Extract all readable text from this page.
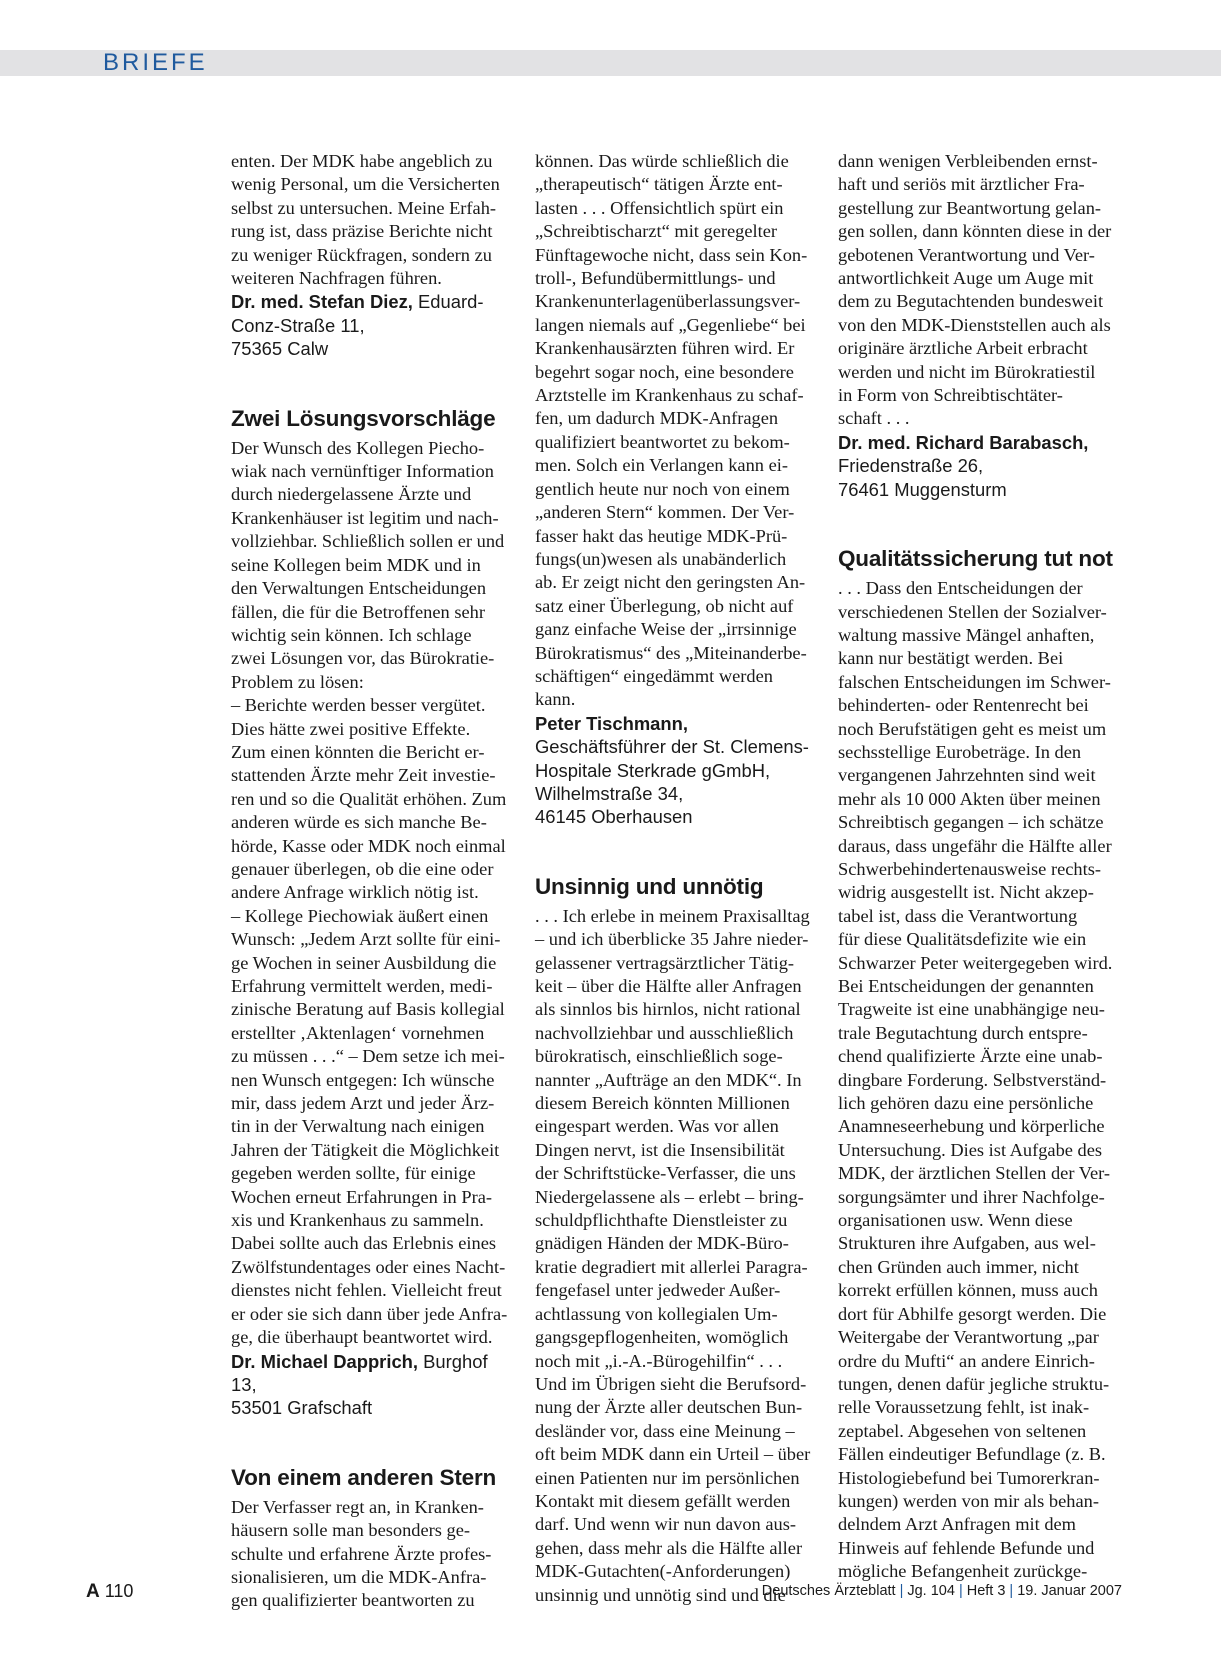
BRIEFE

enten. Der MDK habe angeblich zu
wenig Personal, um die Versicherten
selbst zu untersuchen. Meine Erfah-
rung ist, dass präzise Berichte nicht
zu weniger Rückfragen, sondern zu
weiteren Nachfragen führen.

Dr. med. Stefan Diez, Eduard-Conz-Straße 11,
75365 Calw

Zwei Lösungsvorschläge

Der Wunsch des Kollegen Piecho-
wiak nach vernünftiger Information
durch niedergelassene Ärzte und
Krankenhäuser ist legitim und nach-
vollziehbar. Schließlich sollen er und
seine Kollegen beim MDK und in
den Verwaltungen Entscheidungen
fällen, die für die Betroffenen sehr
wichtig sein können. Ich schlage
zwei Lösungen vor, das Bürokratie-
Problem zu lösen:
– Berichte werden besser vergütet.
Dies hätte zwei positive Effekte.
Zum einen könnten die Bericht er-
stattenden Ärzte mehr Zeit investie-
ren und so die Qualität erhöhen. Zum
anderen würde es sich manche Be-
hörde, Kasse oder MDK noch einmal
genauer überlegen, ob die eine oder
andere Anfrage wirklich nötig ist.
– Kollege Piechowiak äußert einen
Wunsch: „Jedem Arzt sollte für eini-
ge Wochen in seiner Ausbildung die
Erfahrung vermittelt werden, medi-
zinische Beratung auf Basis kollegial
erstellter ‚Aktenlagen‘ vornehmen
zu müssen . . .“ – Dem setze ich mei-
nen Wunsch entgegen: Ich wünsche
mir, dass jedem Arzt und jeder Ärz-
tin in der Verwaltung nach einigen
Jahren der Tätigkeit die Möglichkeit
gegeben werden sollte, für einige
Wochen erneut Erfahrungen in Pra-
xis und Krankenhaus zu sammeln.
Dabei sollte auch das Erlebnis eines
Zwölfstundentages oder eines Nacht-
dienstes nicht fehlen. Vielleicht freut
er oder sie sich dann über jede Anfra-
ge, die überhaupt beantwortet wird.

Dr. Michael Dapprich, Burghof 13,
53501 Grafschaft

Von einem anderen Stern

Der Verfasser regt an, in Kranken-
häusern solle man besonders ge-
schulte und erfahrene Ärzte profes-
sionalisieren, um die MDK-Anfra-
gen qualifizierter beantworten zu

können. Das würde schließlich die
„therapeutisch“ tätigen Ärzte ent-
lasten . . . Offensichtlich spürt ein
„Schreibtischarzt“ mit geregelter
Fünftagewoche nicht, dass sein Kon-
troll-, Befundübermittlungs- und
Krankenunterlagenüberlassungsver-
langen niemals auf „Gegenliebe“ bei
Krankenhausärzten führen wird. Er
begehrt sogar noch, eine besondere
Arztstelle im Krankenhaus zu schaf-
fen, um dadurch MDK-Anfragen
qualifiziert beantwortet zu bekom-
men. Solch ein Verlangen kann ei-
gentlich heute nur noch von einem
„anderen Stern“ kommen. Der Ver-
fasser hakt das heutige MDK-Prü-
fungs(un)wesen als unabänderlich
ab. Er zeigt nicht den geringsten An-
satz einer Überlegung, ob nicht auf
ganz einfache Weise der „irrsinnige
Bürokratismus“ des „Miteinanderbe-
schäftigen“ eingedämmt werden
kann.

Peter Tischmann, Geschäftsführer der St. Clemens-
Hospitale Sterkrade gGmbH, Wilhelmstraße 34,
46145 Oberhausen

Unsinnig und unnötig

. . . Ich erlebe in meinem Praxisalltag
– und ich überblicke 35 Jahre nieder-
gelassener vertragsärztlicher Tätig-
keit – über die Hälfte aller Anfragen
als sinnlos bis hirnlos, nicht rational
nachvollziehbar und ausschließlich
bürokratisch, einschließlich soge-
nannter „Aufträge an den MDK“. In
diesem Bereich könnten Millionen
eingespart werden. Was vor allen
Dingen nervt, ist die Insensibilität
der Schriftstücke-Verfasser, die uns
Niedergelassene als – erlebt – bring-
schuldpflichthafte Dienstleister zu
gnädigen Händen der MDK-Büro-
kratie degradiert mit allerlei Paragra-
fengefasel unter jedweder Außer-
achtlassung von kollegialen Um-
gangsgepflogenheiten, womöglich
noch mit „i.-A.-Bürogehilfin“ . . .
Und im Übrigen sieht die Berufsord-
nung der Ärzte aller deutschen Bun-
desländer vor, dass eine Meinung –
oft beim MDK dann ein Urteil – über
einen Patienten nur im persönlichen
Kontakt mit diesem gefällt werden
darf. Und wenn wir nun davon aus-
gehen, dass mehr als die Hälfte aller
MDK-Gutachten(-Anforderungen)
unsinnig und unnötig sind und die

dann wenigen Verbleibenden ernst-
haft und seriös mit ärztlicher Fra-
gestellung zur Beantwortung gelan-
gen sollen, dann könnten diese in der
gebotenen Verantwortung und Ver-
antwortlichkeit Auge um Auge mit
dem zu Begutachtenden bundesweit
von den MDK-Dienststellen auch als
originäre ärztliche Arbeit erbracht
werden und nicht im Bürokratiestil
in Form von Schreibtischtäter-
schaft . . .

Dr. med. Richard Barabasch, Friedenstraße 26,
76461 Muggensturm

Qualitätssicherung tut not

. . . Dass den Entscheidungen der
verschiedenen Stellen der Sozialver-
waltung massive Mängel anhaften,
kann nur bestätigt werden. Bei
falschen Entscheidungen im Schwer-
behinderten- oder Rentenrecht bei
noch Berufstätigen geht es meist um
sechsstellige Eurobeträge. In den
vergangenen Jahrzehnten sind weit
mehr als 10 000 Akten über meinen
Schreibtisch gegangen – ich schätze
daraus, dass ungefähr die Hälfte aller
Schwerbehindertenausweise rechts-
widrig ausgestellt ist. Nicht akzep-
tabel ist, dass die Verantwortung
für diese Qualitätsdefizite wie ein
Schwarzer Peter weitergegeben wird.
Bei Entscheidungen der genannten
Tragweite ist eine unabhängige neu-
trale Begutachtung durch entspre-
chend qualifizierte Ärzte eine unab-
dingbare Forderung. Selbstverständ-
lich gehören dazu eine persönliche
Anamneseerhebung und körperliche
Untersuchung. Dies ist Aufgabe des
MDK, der ärztlichen Stellen der Ver-
sorgungsämter und ihrer Nachfolge-
organisationen usw. Wenn diese
Strukturen ihre Aufgaben, aus wel-
chen Gründen auch immer, nicht
korrekt erfüllen können, muss auch
dort für Abhilfe gesorgt werden. Die
Weitergabe der Verantwortung „par
ordre du Mufti“ an andere Einrich-
tungen, denen dafür jegliche struktu-
relle Voraussetzung fehlt, ist inak-
zeptabel. Abgesehen von seltenen
Fällen eindeutiger Befundlage (z. B.
Histologiebefund bei Tumorerkran-
kungen) werden von mir als behan-
delndem Arzt Anfragen mit dem
Hinweis auf fehlende Befunde und
mögliche Befangenheit zurückge-

A 110	Deutsches Ärzteblatt | Jg. 104 | Heft 3 | 19. Januar 2007
